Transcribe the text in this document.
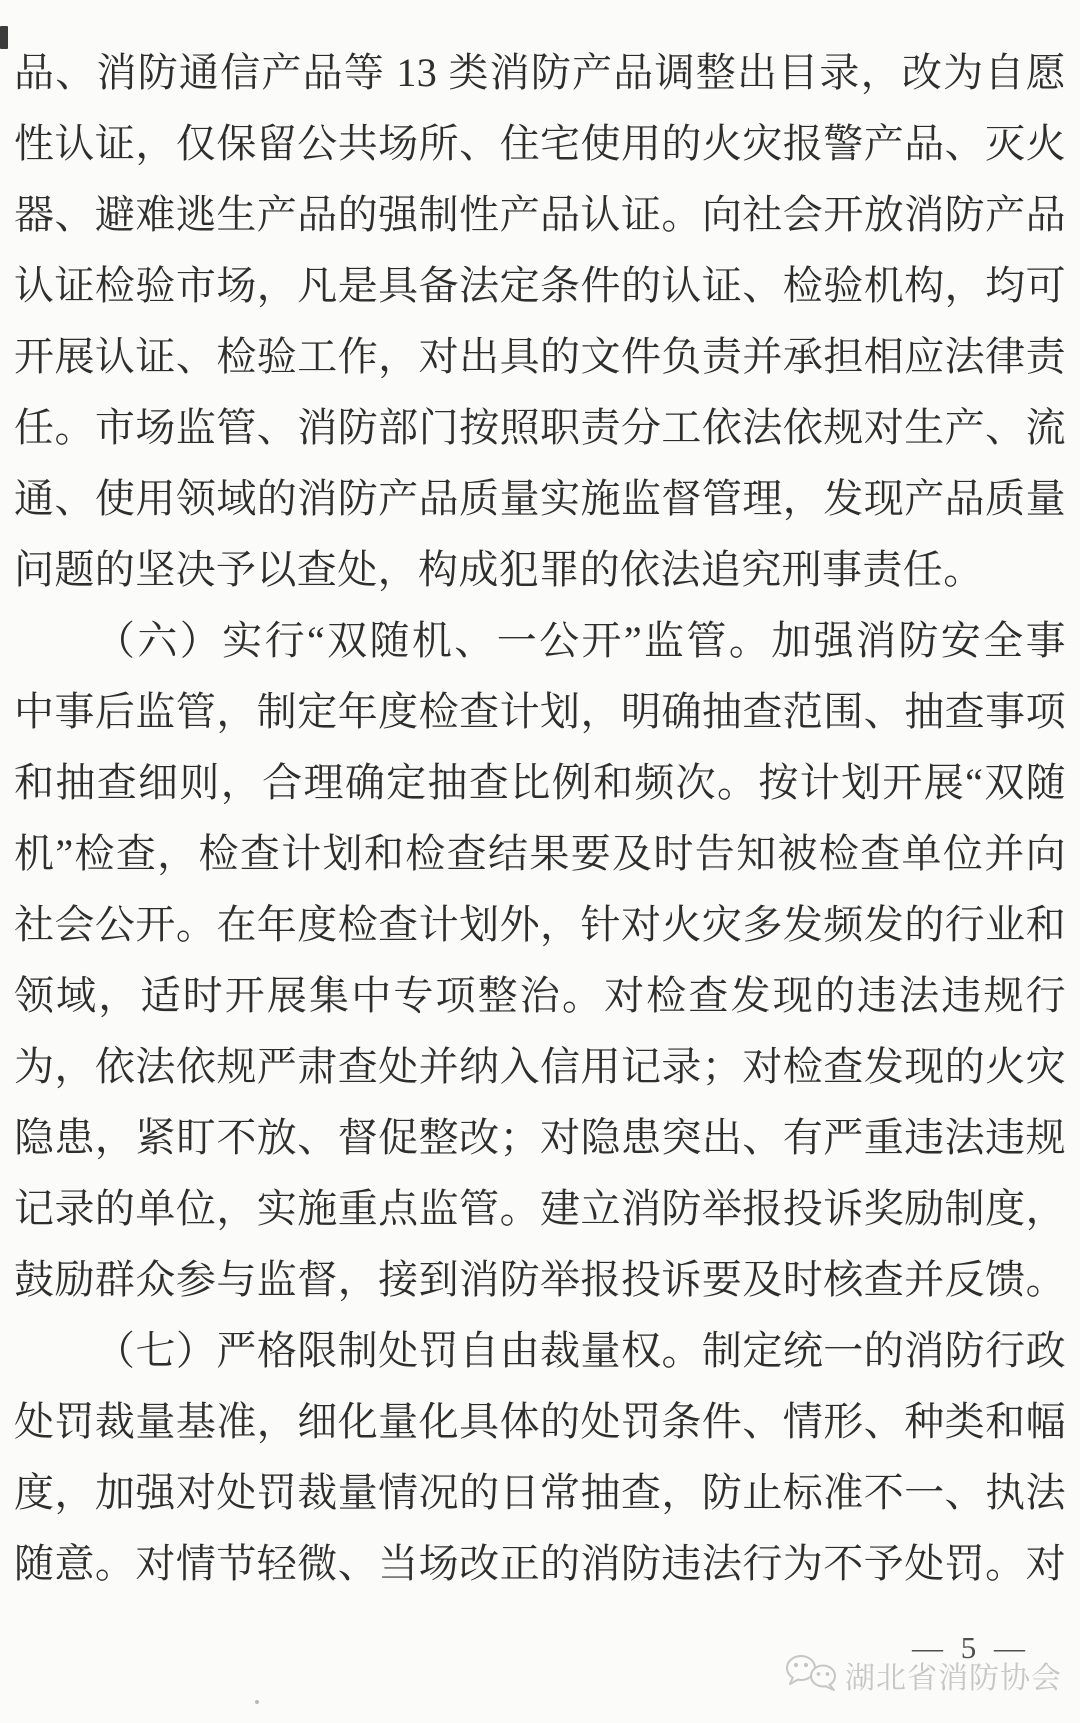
品、消防通信产品等 13 类消防产品调整出目录，改为自愿
性认证，仅保留公共场所、住宅使用的火灾报警产品、灭火
器、避难逃生产品的强制性产品认证。向社会开放消防产品
认证检验市场，凡是具备法定条件的认证、检验机构，均可
开展认证、检验工作，对出具的文件负责并承担相应法律责
任。市场监管、消防部门按照职责分工依法依规对生产、流
通、使用领域的消防产品质量实施监督管理，发现产品质量
问题的坚决予以查处，构成犯罪的依法追究刑事责任。
（六）实行“双随机、一公开”监管。加强消防安全事
中事后监管，制定年度检查计划，明确抽查范围、抽查事项
和抽查细则，合理确定抽查比例和频次。按计划开展“双随
机”检查，检查计划和检查结果要及时告知被检查单位并向
社会公开。在年度检查计划外，针对火灾多发频发的行业和
领域，适时开展集中专项整治。对检查发现的违法违规行
为，依法依规严肃查处并纳入信用记录；对检查发现的火灾
隐患，紧盯不放、督促整改；对隐患突出、有严重违法违规
记录的单位，实施重点监管。建立消防举报投诉奖励制度，
鼓励群众参与监督，接到消防举报投诉要及时核查并反馈。
（七）严格限制处罚自由裁量权。制定统一的消防行政
处罚裁量基准，细化量化具体的处罚条件、情形、种类和幅
度，加强对处罚裁量情况的日常抽查，防止标准不一、执法
随意。对情节轻微、当场改正的消防违法行为不予处罚。对
— 5 —
湖北省消防协会
